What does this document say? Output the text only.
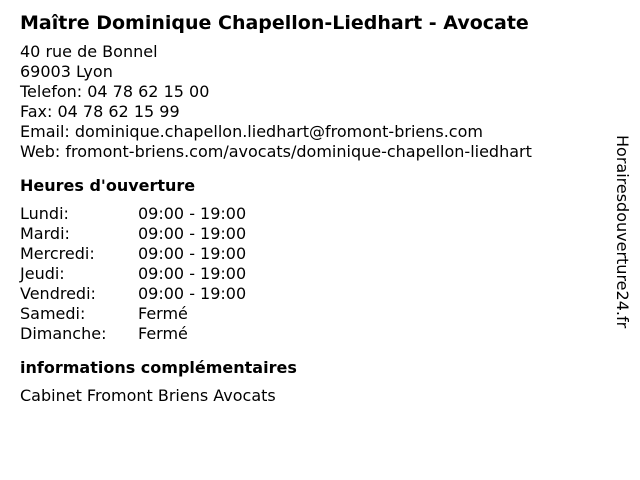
Maître Dominique Chapellon-Liedhart - Avocate
40 rue de Bonnel
69003 Lyon
Telefon: 04 78 62 15 00
Fax: 04 78 62 15 99
Email: dominique.chapellon.liedhart@fromont-briens.com
Web: fromont-briens.com/avocats/dominique-chapellon-liedhart
Heures d'ouverture
Lundi:	09:00 - 19:00
Mardi:	09:00 - 19:00
Mercredi:	09:00 - 19:00
Jeudi:	09:00 - 19:00
Vendredi:	09:00 - 19:00
Samedi:	Fermé
Dimanche:	Fermé
informations complémentaires
Cabinet Fromont Briens Avocats
Horairesdouverture24.fr
